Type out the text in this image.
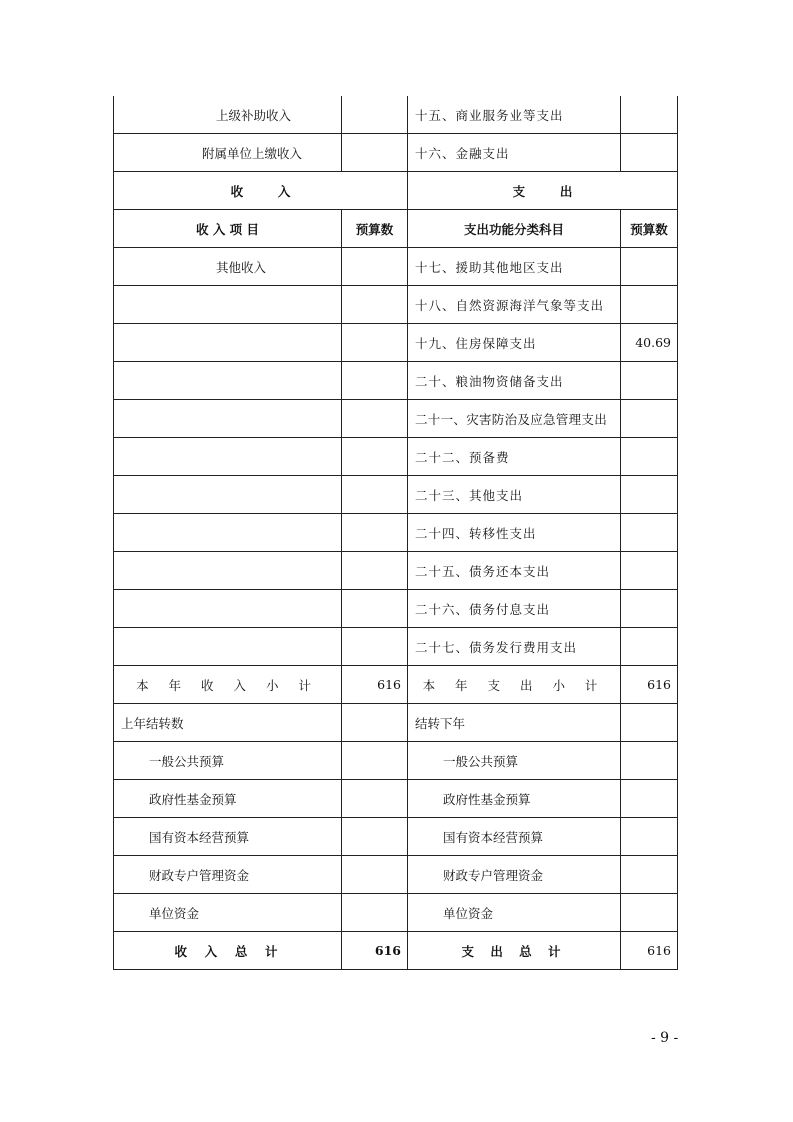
上级补助收入		十五、商业服务业等支出	
附属单位上缴收入		十六、金融支出	
收        入		支        出	
收 入 项 目	预算数	支出功能分类科目	预算数
其他收入		十七、援助其他地区支出	
		十八、自然资源海洋气象等支出	
		十九、住房保障支出	40.69
		二十、粮油物资储备支出	
		二十一、灾害防治及应急管理支出	
		二十二、预备费	
		二十三、其他支出	
		二十四、转移性支出	
		二十五、债务还本支出	
		二十六、债务付息支出	
		二十七、债务发行费用支出	
本 年 收 入 小 计	616	本 年 支 出 小 计	616
上年结转数		结转下年	
一般公共预算		一般公共预算	
政府性基金预算		政府性基金预算	
国有资本经营预算		国有资本经营预算	
财政专户管理资金		财政专户管理资金	
单位资金		单位资金	
收  入  总  计	616	支 出 总 计	616
- 9 -
